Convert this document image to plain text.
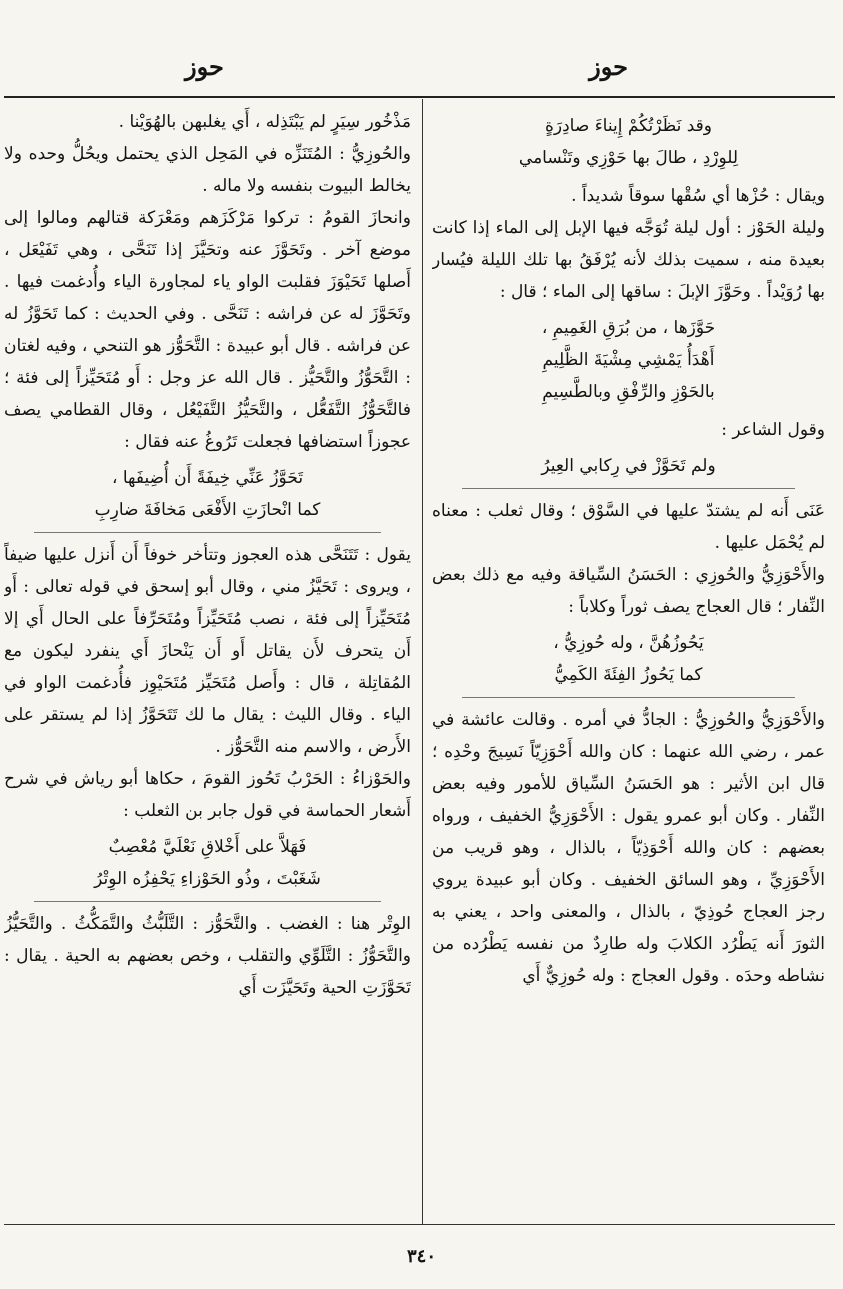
حوز
حوز
وقد نَظَرْتُكُمْ إِيناءَ صادِرَةٍ
لِلوِرْدِ ، طالَ بها حَوْزِي وتَنْسامي

ويقال : حُزْها أي سُقْها سوقاً شديداً .

وليلة الحَوْز : أول ليلة تُوَجَّه فيها الإبل إلى الماء إذا كانت بعيدة منه ، سميت بذلك لأنه يُرْفَقُ بها تلك الليلة فيُسار بها رُوَيْداً . وحَوَّزَ الإبلَ : ساقها إلى الماء ؛ قال :

حَوَّزَها ، من بُرَقِ الغَمِيمِ ،
أَهْدَأُ يَمْشِي مِشْيَةَ الظَّلِيمِ
بالحَوْزِ والرِّفْقِ وبالطَّسِيمِ

وقول الشاعر :

ولم تَحَوَّزْ في رِكابي العِيرُ

عَنَى أَنه لم يشتدّ عليها في السَّوْق ؛ وقال ثعلب : معناه لم يُحْمَل عليها .

والأَحْوَزِيُّ والحُوزِي : الحَسَنُ السِّياقة وفيه مع ذلك بعض النِّفار ؛ قال العجاج يصف ثوراً وكلاباً :

يَحُوزُهُنَّ ، وله حُوزِيُّ ،
كما يَحُوزُ الفِئَةَ الكَمِيُّ

والأَحْوَزِيُّ والحُوزِيُّ : الجادُّ في أمره . وقالت عائشة في عمر ، رضي الله عنهما : كان والله أَحْوَزِيّاً نَسِيجَ وحْدِه ؛ قال ابن الأثير : هو الحَسَنُ السِّياق للأمور وفيه بعض النِّفار . وكان أبو عمرو يقول : الأَحْوَزِيُّ الخفيف ، ورواه بعضهم : كان والله أَحْوَذِيّاً ، بالذال ، وهو قريب من الأَحْوَزِيِّ ، وهو السائق الخفيف . وكان أبو عبيدة يروي رجز العجاج حُوذِيّ ، بالذال ، والمعنى واحد ، يعني به الثورَ أَنه يَطْرُد الكلابَ وله طارِدٌ من نفسه يَطْرُده من نشاطه وحدَه . وقول العجاج : وله حُوزِيٌّ أَي

مَذْخُور سِيَرٍ لم يَبْتَذِله ، أَي يغلبهن بالهُوَيْنا .

والحُوزِيُّ : المُتَنَزِّه في المَحِل الذي يحتمل ويحُلُّ وحده ولا يخالط البيوت بنفسه ولا ماله .

وانحازَ القومُ : تركوا مَرْكَزَهم ومَعْرَكة قتالهم ومالوا إلى موضع آخر . وتَحَوَّزَ عنه وتحَيَّزَ إذا تَنَحَّى ، وهي تَفَيْعَل ، أَصلها تَحَيْوَزَ فقلبت الواو ياء لمجاورة الياء وأُدغمت فيها . وتَحَوَّزَ له عن فراشه : تَنَحَّى . وفي الحديث : كما تَحَوَّزُ له عن فراشه . قال أبو عبيدة : التَّحَوُّز هو التنحي ، وفيه لغتان : التَّحَوُّزُ والتَّحَيُّز . قال الله عز وجل : أَو مُتَحَيِّزاً إلى فئة ؛ فالتَّحَوُّزُ التَّفَعُّل ، والتَّحَيُّزُ التَّفَيْعُل ، وقال القطامي يصف عجوزاً استضافها فجعلت تَرُوغُ عنه فقال :

تَحَوَّزُ عَنِّي خِيفَةً أَن أُضِيفَها ،
كما انْحازَتِ الأَفْعَى مَخافَةَ ضارِبِ

يقول : تَتَنَحَّى هذه العجوز وتتأخر خوفاً أَن أَنزل عليها ضيفاً ، ويروى : تَحَيَّزُ مني ، وقال أبو إسحق في قوله تعالى : أَو مُتَحَيِّزاً إلى فئة ، نصب مُتَحَيِّزاً ومُتَحَرِّفاً على الحال أَي إلا أَن يتحرف لأَن يقاتل أَو أَن يَنْحازَ أَي ينفرد ليكون مع المُقاتِلة ، قال : وأَصل مُتَحَيِّز مُتَحَيْوِز فأُدغمت الواو في الياء . وقال الليث : يقال ما لك تَتَحَوَّزُ إذا لم يستقر على الأَرض ، والاسم منه التَّحَوُّز .

والحَوْزاءُ : الحَرْبُ تَحُوز القومَ ، حكاها أبو رياش في شرح أَشعار الحماسة في قول جابر بن الثعلب :

فَهَلاَّ على أَخْلاقِ نَعْلَيَّ مُعْصِبٌ
شَغَبْتَ ، وذُو الحَوْزاءِ يَحْفِزُه الوِتْرُ

الوِتْر هنا : الغضب . والتَّحَوُّز : التَّلَبُّثُ والتَّمَكُّثُ . والتَّحَيُّزُ والتَّحَوُّزُ : التَّلَوِّي والتقلب ، وخص بعضهم به الحية . يقال : تَحَوَّزَتِ الحية وتَحَيَّزَت أَي

٣٤٠
